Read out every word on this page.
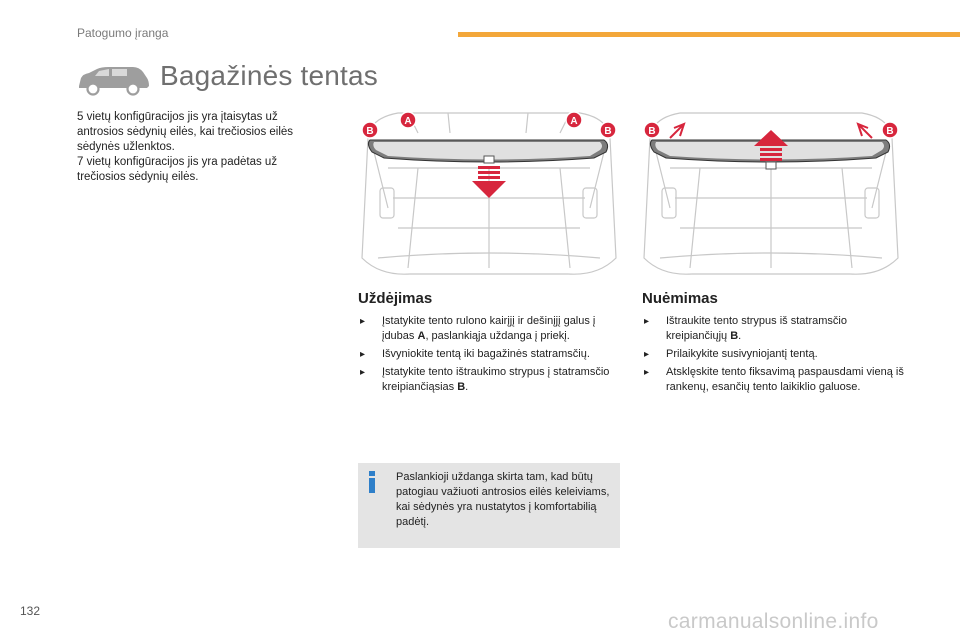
Patogumo įranga
Bagažinės tentas
5 vietų konfigūracijos jis yra įtaisytas už
antrosios sėdynių eilės, kai trečiosios eilės
sėdynės užlenktos.
7 vietų konfigūracijos jis yra padėtas už
trečiosios sėdynių eilės.
B
A	A
B	B	B
Uždėjimas
▸ Įstatykite tento rulono kairįjį ir dešinįjį galus į įdubas A, paslankiąja uždanga į priekį.
▸ Išvyniokite tentą iki bagažinės statramsčių.
▸ Įstatykite tento ištraukimo strypus į statramsčio kreipiančiąsias B.
Nuėmimas
▸ Ištraukite tento strypus iš statramsčio kreipiančiųjų B.
▸ Prilaikykite susivyniojantį tentą.
▸ Atsklęskite tento fiksavimą paspausdami vieną iš rankenų, esančių tento laikiklio galuose.
Paslankioji uždanga skirta tam, kad būtų patogiau važiuoti antrosios eilės keleiviams, kai sėdynės yra nustatytos į komfortabilią padėtį.
132	carmanualsonline.info
